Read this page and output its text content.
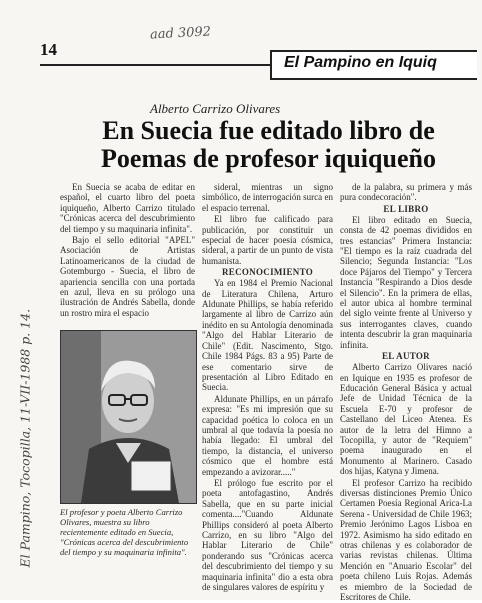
14
aad 3092
El Pampino en Iquiq
El Pampino, Tocopilla, 11-VII-1988 p. 14.
Alberto Carrizo Olivares
En Suecia fue editado libro de
Poemas de profesor iquiqueño

En Suecia se acaba de editar en español, el cuarto libro del poeta iquiqueño, Alberto Carrizo titulado "Crónicas acerca del descubrimiento del tiempo y su maquinaria infinita".

Bajo el sello editorial "APEL" Asociación de Artistas Latinoamericanos de la ciudad de Gotemburgo - Suecia, el libro de apariencia sencilla con una portada en azul, lleva en su prólogo una ilustración de Andrés Sabella, donde un rostro mira el espacio

El profesor y poeta Alberto Carrizo Olivares, muestra su libro recientemente editado en Suecia, "Crónicas acerca del descubrimiento del tiempo y su maquinaria infinita".

sideral, mientras un signo simbólico, de interrogación surca en el espacio terrenal.

El libro fue calificado para publicación, por constituir un especial de hacer poesía cósmica, sideral, a partir de un punto de vista humanista.

RECONOCIMIENTO

Ya en 1984 el Premio Nacional de Literatura Chilena, Arturo Aldunate Phillips, se había referido largamente al libro de Carrizo aún inédito en su Antología denominada "Algo del Hablar Literario de Chile" (Edit. Nascimento, Stgo. Chile 1984 Págs. 83 a 95) Parte de ese comentario sirve de presentación al Libro Editado en Suecia.

Aldunate Phillips, en un párrafo expresa: "Es mi impresión que su capacidad poética lo coloca en un umbral al que todavía la poesía no había llegado: El umbral del tiempo, la distancia, el universo cósmico que el hombre está empezando a avizorar....."

El prólogo fue escrito por el poeta antofagastino, Andrés Sabella, que en su parte inicial comenta...."Cuando Aldunate Phillips consideró al poeta Alberto Carrizo, en su libro "Algo del Hablar Literario de Chile" ponderando sus "Crónicas acerca del descubrimiento del tiempo y su maquinaria infinita" dio a esta obra de singulares valores de espíritu y

de la palabra, su primera y más pura condecoración".

EL LIBRO

El libro editado en Suecia, consta de 42 poemas divididos en tres estancias" Primera Instancia: "El tiempo es la raíz cuadrada del Silencio; Segunda Instancia: "Los doce Pájaros del Tiempo" y Tercera Instancia "Respirando a Dios desde el Silencio". En la primera de ellas, el autor ubica al hombre terminal del siglo veinte frente al Universo y sus interrogantes claves, cuando intenta descubrir la gran maquinaria infinita.

EL AUTOR

Alberto Carrizo Olivares nació en Iquique en 1935 es profesor de Educación General Básica y actual Jefe de Unidad Técnica de la Escuela E-70 y profesor de Castellano del Liceo Atenea. Es autor de la letra del Himno a Tocopilla, y autor de "Requiem" poema inaugurado en el Monumento al Marinero. Casado dos hijas, Katyna y Jimena.

El profesor Carrizo ha recibido diversas distinciones Premio Único Certamen Poesía Regional Arica-La Serena - Universidad de Chile 1963; Premio Jerónimo Lagos Lisboa en 1972. Asimismo ha sido editado en otras chilenas y es colaborador de varias revistas chilenas. Última Mención en "Anuario Escolar" del poeta chileno Luis Rojas. Además es miembro de la Sociedad de Escritores de Chile.
